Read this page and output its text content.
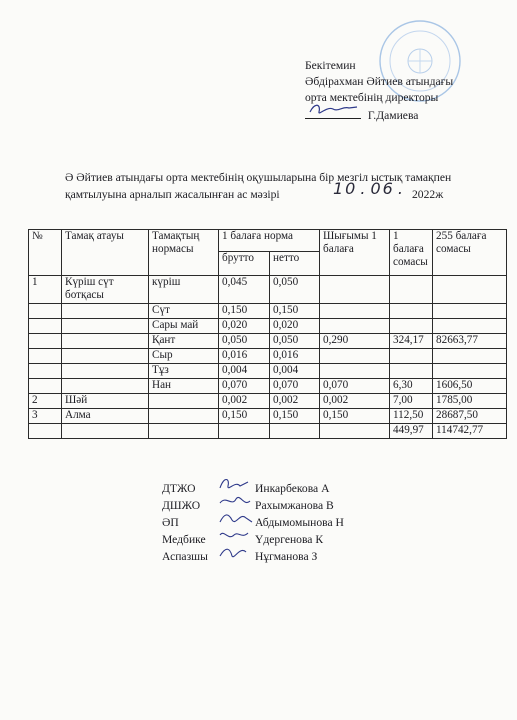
Бекітемин
Әбдірахман Әйтиев атындағы
орта мектебінің директоры
Г.Дамиева
Ә Әйтиев атындағы орта мектебінің оқушыларына бір мезгіл ыстық тамақпен
қамтылуына арналып жасалынған ас мәзірі	10 . 06 . 2022ж
№	Тамақ атауы	Тамақтың нормасы	1 балаға норма		Шығымы 1 балаға	1 балаға сомасы	255 балаға сомасы
			брутто	нетто			
1	Күріш сүт ботқасы	күріш	0,045	0,050			
		Сүт	0,150	0,150			
		Сары май	0,020	0,020			
		Қант	0,050	0,050	0,290	324,17	82663,77
		Сыр	0,016	0,016			
		Тұз	0,004	0,004			
		Нан	0,070	0,070	0,070	6,30	1606,50
2	Шәй		0,002	0,002	0,002	7,00	1785,00
3	Алма		0,150	0,150	0,150	112,50	28687,50
						449,97	114742,77
ДТЖО	Инкарбекова А
ДШЖО	Рахымжанова В
ӘП	Абдымомынова Н
Медбике	Үдергенова К
Аспазшы	Нұгманова З
